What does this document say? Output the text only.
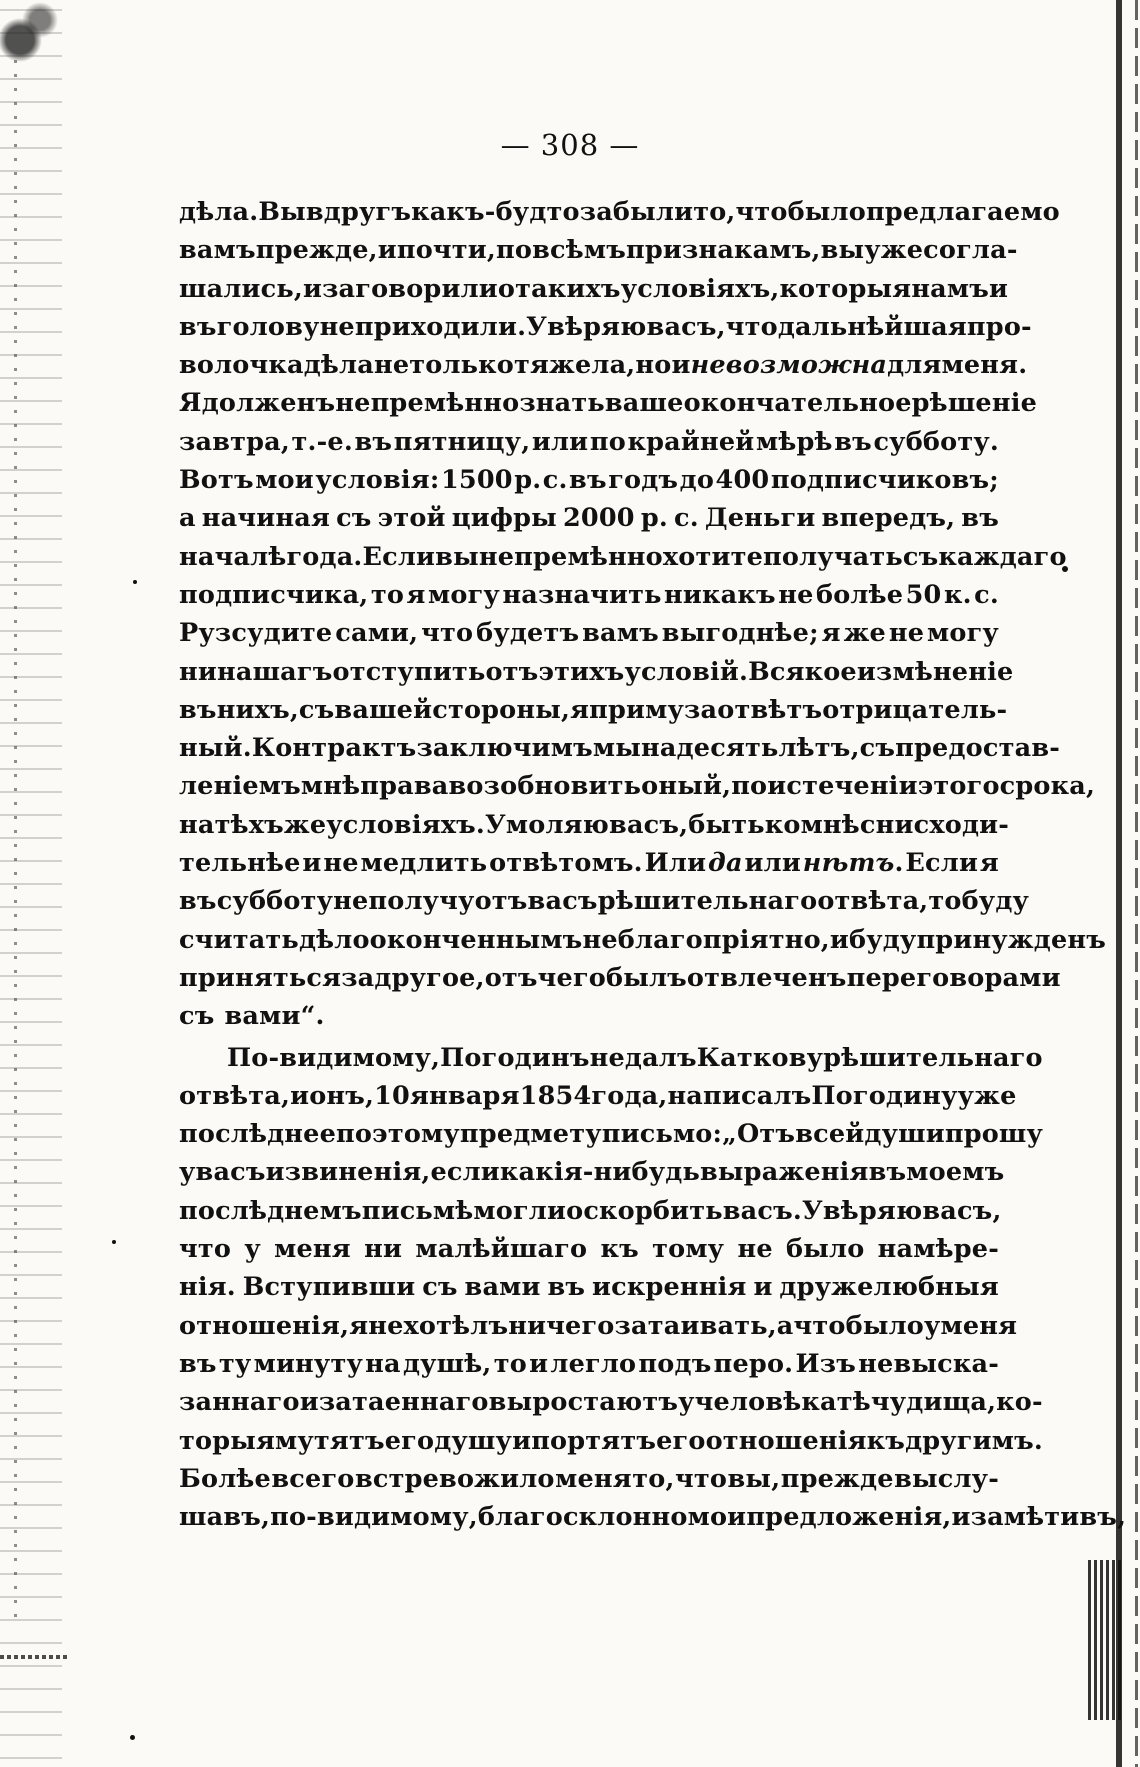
— 308 —
дѣла. Вы вдругъ какъ-будто забыли то, что было предлагаемо
вамъ прежде, и почти, по всѣмъ признакамъ, вы уже согла-
шались, и заговорили о такихъ условiяхъ, которыя намъ и
въ голову не приходили. Увѣряю васъ, что дальнѣйшая про-
волочка дѣла не только тяжела, но и невозможна для меня.
Я долженъ непремѣнно знать ваше окончательное рѣшенiе
завтра, т.-е. въ пятницу, или по крайней мѣрѣ въ субботу.
Вотъ мои условiя: 1500 р. с. въ годъ до 400 подписчиковъ;
а начиная съ этой цифры 2000 р. с. Деньги впередъ, въ
началѣ года. Если вы непремѣнно хотите получать съ каждаго
подписчика, то я могу назначить никакъ не болѣе 50 к. с.
Рузсудите сами, что будетъ вамъ выгоднѣе; я же не могу
ни на шагъ отступить отъ этихъ условiй. Всякое измѣненiе
въ нихъ, съ вашей стороны, я приму за отвѣтъ отрицатель-
ный. Контрактъ заключимъ мы на десять лѣтъ, съ предостав-
ленiемъ мнѣ права возобновить оный, по истеченiи этого срока,
на тѣхъ же условiяхъ. Умоляю васъ, быть ко мнѣ снисходи-
тельнѣе и не медлить отвѣтомъ. Или да или нѣтъ. Если я
въ субботу не получу отъ васъ рѣшительнаго отвѣта, то буду
считать дѣло оконченнымъ неблагопрiятно, и буду принужденъ
приняться за другое, отъ чего былъ отвлеченъ переговорами
съ вами“.
По-видимому, Погодинъ не далъ Каткову рѣшительнаго
отвѣта, и онъ, 10 января 1854 года, написалъ Погодину уже
послѣднее по этому предмету письмо: „Отъ всей души прошу
у васъ извиненiя, если какiя-нибудь выраженiя въ моемъ
послѣднемъ письмѣ могли оскорбить васъ. Увѣряю васъ,
что у меня ни малѣйшаго къ тому не было намѣре-
нiя. Вступивши съ вами въ искреннiя и дружелюбныя
отношенiя, я не хотѣлъ ничего затаивать, а что было у меня
въ ту минуту на душѣ, то и легло подъ перо. Изъ невыска-
заннаго и затаеннаго выростаютъ у человѣка тѣ чудища, ко-
торыя мутятъ его душу и портятъ его отношенiя къ другимъ.
Болѣе всего встревожило меня то, что вы, прежде выслу-
шавъ, по-видимому, благосклонно мои предложенiя, и замѣтивъ,
